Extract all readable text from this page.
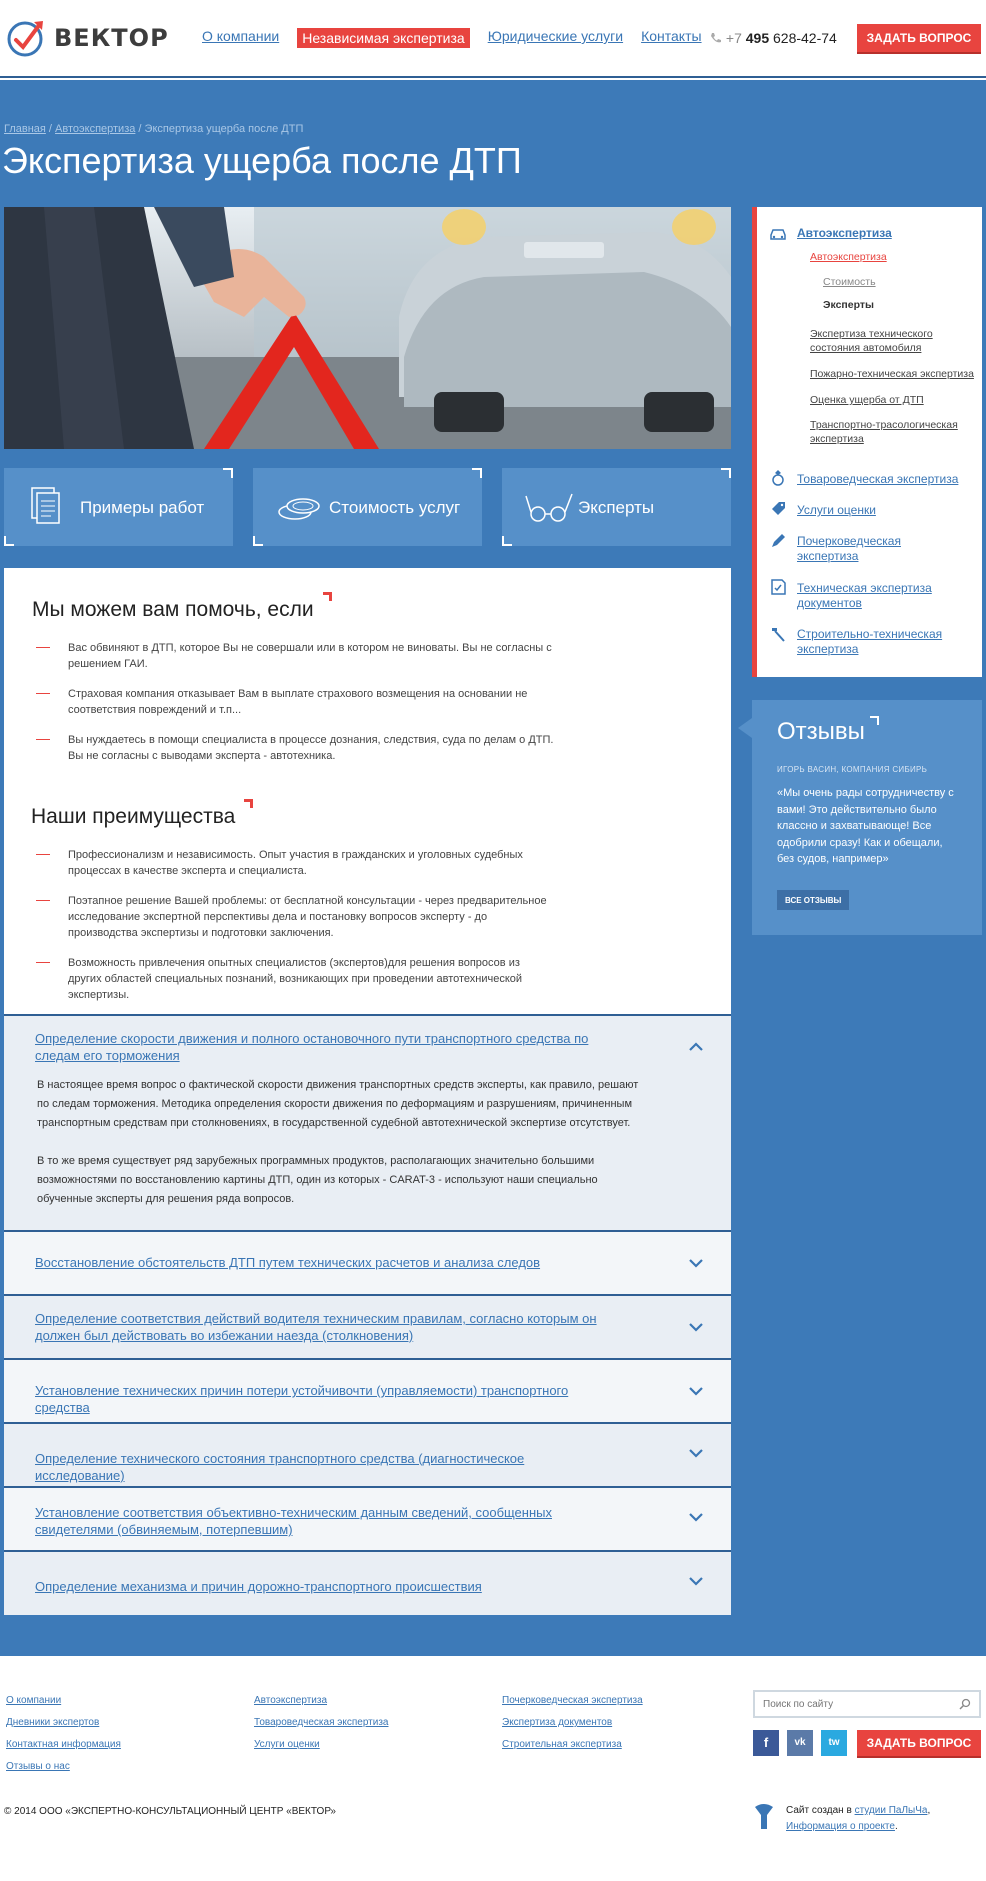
ВЕКТОР О компании	Независимая экспертиза	Юридические услуги Контакты	+7 495 628-42-74	ЗАДАТЬ ВОПРОС
Главная / Автоэкспертиза / Экспертиза ущерба после ДТП
Экспертиза ущерба после ДТП
Примеры работ	Стоимость услуг	Эксперты
Мы можем вам помочь, если
Вас обвиняют в ДТП, которое Вы не совершали или в котором не виноваты. Вы не согласны с решением ГАИ.
Страховая компания отказывает Вам в выплате страхового возмещения на основании не соответствия повреждений и т.п...
Вы нуждаетесь в помощи специалиста в процессе дознания, следствия, суда по делам о ДТП. Вы не согласны с выводами эксперта - автотехника.
Наши преимущества
Профессионализм и независимость. Опыт участия в гражданских и уголовных судебных процессах в качестве эксперта и специалиста.
Поэтапное решение Вашей проблемы: от бесплатной консультации - через предварительное исследование экспертной перспективы дела и постановку вопросов эксперту - до производства экспертизы и подготовки заключения.
Возможность привлечения опытных специалистов (экспертов)для решения вопросов из других областей специальных познаний, возникающих при проведении автотехнической экспертизы.
Определение скорости движения и полного остановочного пути транспортного средства по следам его торможения

В настоящее время вопрос о фактической скорости движения транспортных средств эксперты, как правило, решают по следам торможения. Методика определения скорости движения по деформациям и разрушениям, причиненным транспортным средствам при столкновениях, в государственной судебной автотехнической экспертизе отсутствует.

В то же время существует ряд зарубежных программных продуктов, располагающих значительно большими возможностями по восстановлению картины ДТП, один из которых - CARAT-3 - используют наши специально обученные эксперты для решения ряда вопросов.

Восстановление обстоятельств ДТП путем технических расчетов и анализа следов
Определение соответствия действий водителя техническим правилам, согласно которым он должен был действовать во избежании наезда (столкновения)
Установление технических причин потери устойчивочти (управляемости) транспортного средства
Определение технического состояния транспортного средства (диагностическое исследование)
Установление соответствия объективно-техническим данным сведений, сообщенных свидетелями (обвиняемым, потерпевшим)
Определение механизма и причин дорожно-транспортного происшествия
Автоэкспертиза
Автоэкспертиза
Стоимость
Эксперты
Экспертиза технического состояния автомобиля
Пожарно-техническая экспертиза
Оценка ущерба от ДТП
Транспортно-трасологическая экспертиза
Товароведческая экспертиза
Услуги оценки
Почерковедческая экспертиза
Техническая экспертиза документов
Строительно-техническая экспертиза
Отзывы
ИГОРЬ ВАСИН, КОМПАНИЯ СИБИРЬ
«Мы очень рады сотрудничеству с вами! Это действительно было классно и захватывающе! Все одобрили сразу! Как и обещали, без судов, например»
ВСЕ ОТЗЫВЫ
О компании
Дневники экспертов
Контактная информация
Отзывы о нас
Автоэкспертиза
Товароведческая экспертиза
Услуги оценки
Почерковедческая экспертиза
Экспертиза документов
Строительная экспертиза
Поиск по сайту	f	vk	tw	ЗАДАТЬ ВОПРОС
© 2014 ООО «ЭКСПЕРТНО-КОНСУЛЬТАЦИОННЫЙ ЦЕНТР «ВЕКТОР»	Сайт создан в студии ПаЛыЧа,
Информация о проекте.
